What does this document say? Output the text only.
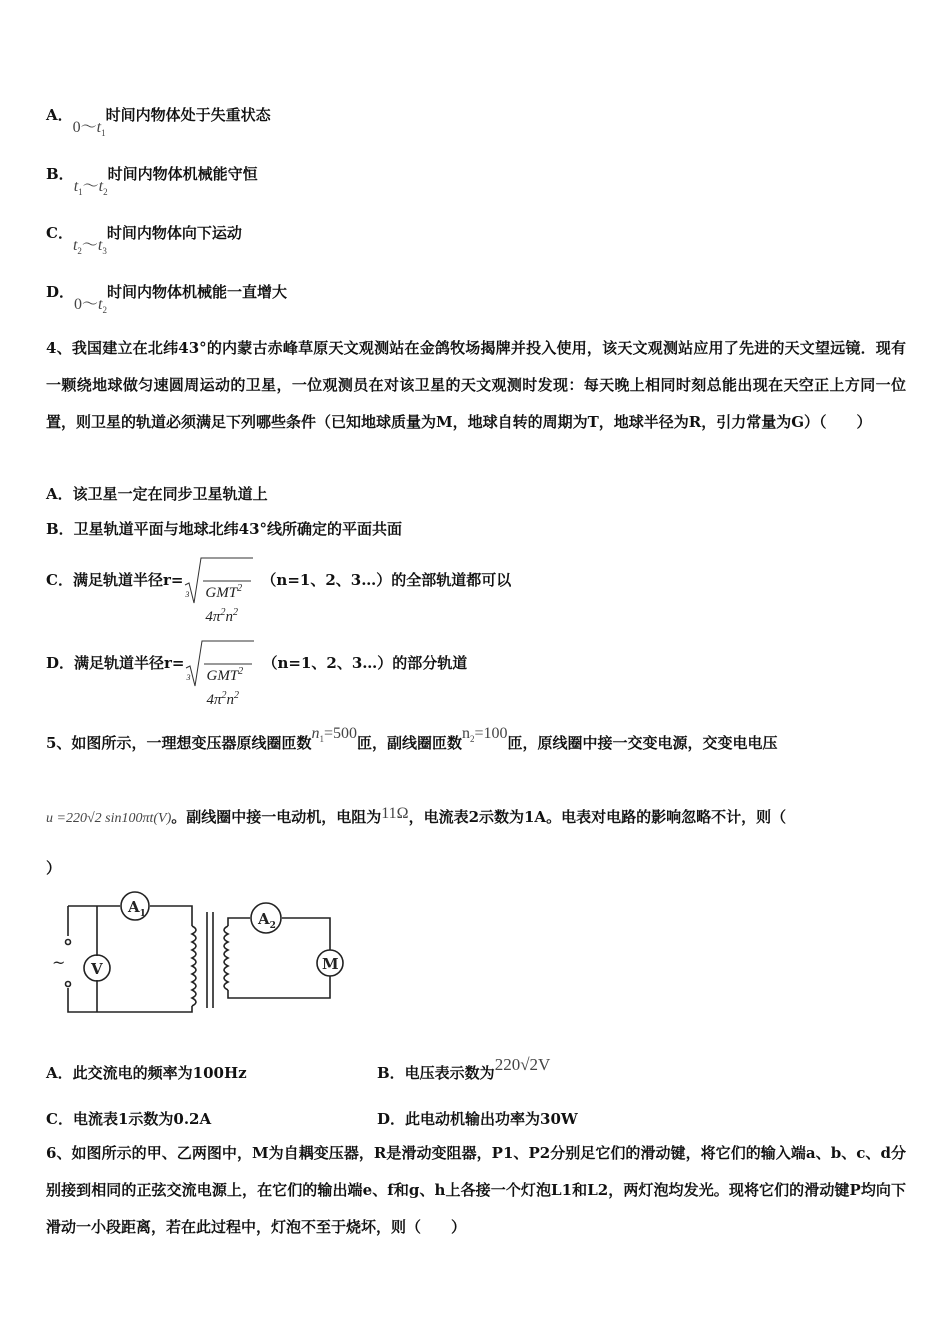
A．$0\sim t_1$时间内物体处于失重状态
B．$t_1\sim t_2$时间内物体机械能守恒
C．$t_2\sim t_3$时间内物体向下运动
D．$0\sim t_2$时间内物体机械能一直增大
4、我国建立在北纬43°的内蒙古赤峰草原天文观测站在金鸽牧场揭牌并投入使用，该天文观测站应用了先进的天文望远镜．现有一颗绕地球做匀速圆周运动的卫星，一位观测员在对该卫星的天文观测时发现：每天晚上相同时刻总能出现在天空正上方同一位置，则卫星的轨道必须满足下列哪些条件（已知地球质量为M，地球自转的周期为T，地球半径为R，引力常量为G）（　　）
A．该卫星一定在同步卫星轨道上
B．卫星轨道平面与地球北纬43°线所确定的平面共面
C．满足轨道半径r=
3 GMT$^2$
$4\pi^2n^2$
（n=1、2、3…）的全部轨道都可以
D．满足轨道半径r=
3 GMT$^2$
$4\pi^2n^2$
（n=1、2、3…）的部分轨道
5、如图所示，一理想变压器原线圈匝数$n_1=500$匝，副线圈匝数$n_2=100$匝，原线圈中接一交变电源，交变电电压
u =220√2 sin100πt(V)。副线圈中接一电动机，电阻为11Ω，电流表2示数为1A。电表对电路的影响忽略不计，则（
）
~
$A_1$
V
$A_2$
M
A．此交流电的频率为100Hz	B．电压表示数为220√2V
C．电流表1示数为0.2A	D．此电动机输出功率为30W
6、如图所示的甲、乙两图中，M为自耦变压器，R是滑动变阻器，P1、P2分别足它们的滑动键，将它们的输入端a、b、c、d分别接到相同的正弦交流电源上，在它们的输出端e、f和g、h上各接一个灯泡L1和L2，两灯泡均发光。现将它们的滑动键P均向下滑动一小段距离，若在此过程中，灯泡不至于烧坏，则（　　）
